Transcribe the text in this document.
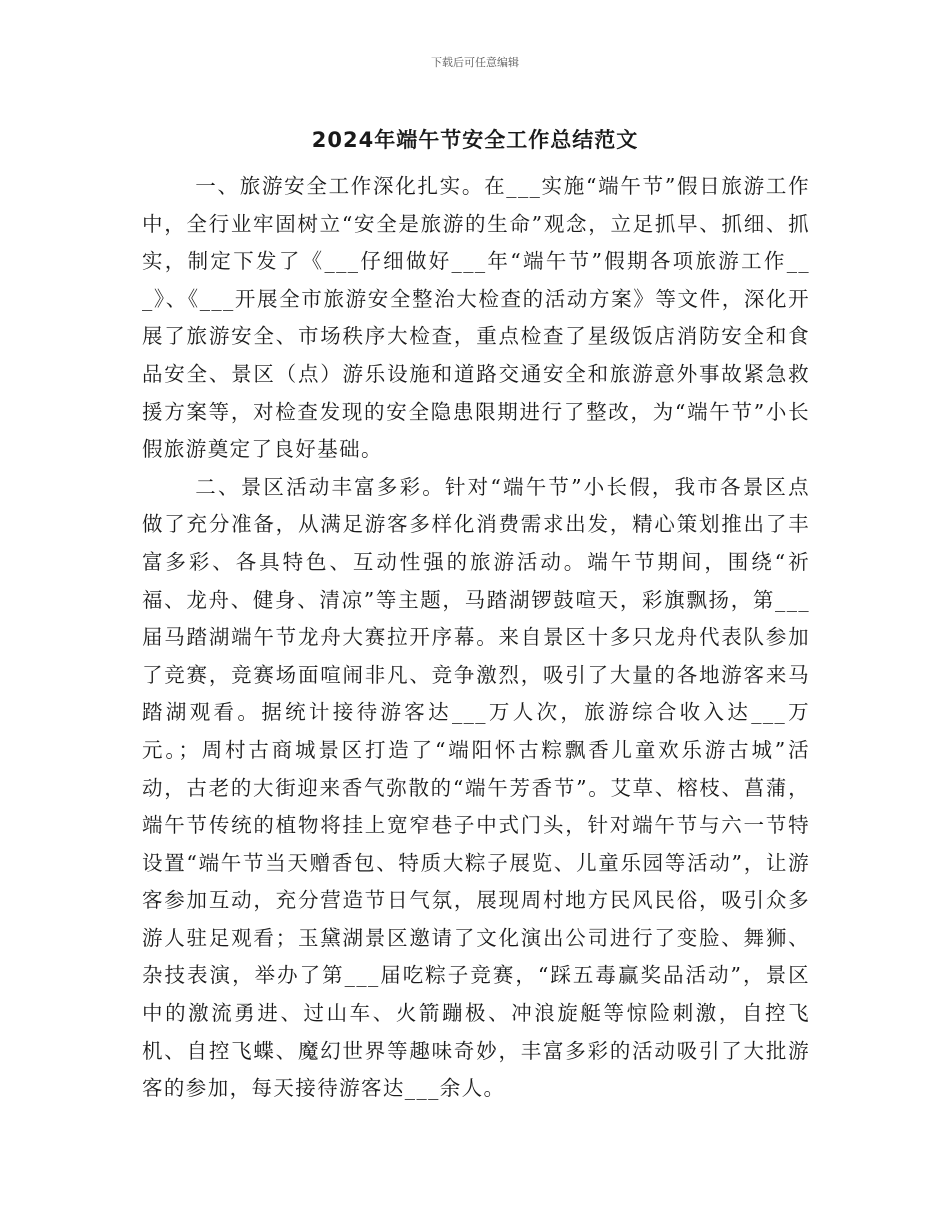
下载后可任意编辑
2024年端午节安全工作总结范文

一、旅游安全工作深化扎实。在___实施“端午节”假日旅游工作中，全行业牢固树立“安全是旅游的生命”观念，立足抓早、抓细、抓实，制定下发了《___仔细做好___年“端午节”假期各项旅游工作___》、《___开展全市旅游安全整治大检查的活动方案》等文件，深化开展了旅游安全、市场秩序大检查，重点检查了星级饭店消防安全和食品安全、景区（点）游乐设施和道路交通安全和旅游意外事故紧急救援方案等，对检查发现的安全隐患限期进行了整改，为“端午节”小长假旅游奠定了良好基础。

二、景区活动丰富多彩。针对“端午节”小长假，我市各景区点做了充分准备，从满足游客多样化消费需求出发，精心策划推出了丰富多彩、各具特色、互动性强的旅游活动。端午节期间，围绕“祈福、龙舟、健身、清凉”等主题，马踏湖锣鼓喧天，彩旗飘扬，第___届马踏湖端午节龙舟大赛拉开序幕。来自景区十多只龙舟代表队参加了竞赛，竞赛场面喧闹非凡、竞争激烈，吸引了大量的各地游客来马踏湖观看。据统计接待游客达___万人次，旅游综合收入达___万元。；周村古商城景区打造了“端阳怀古粽飘香儿童欢乐游古城”活动，古老的大街迎来香气弥散的“端午芳香节”。艾草、榕枝、菖蒲，端午节传统的植物将挂上宽窄巷子中式门头，针对端午节与六一节特设置“端午节当天赠香包、特质大粽子展览、儿童乐园等活动”，让游客参加互动，充分营造节日气氛，展现周村地方民风民俗，吸引众多游人驻足观看；玉黛湖景区邀请了文化演出公司进行了变脸、舞狮、杂技表演，举办了第___届吃粽子竞赛，“踩五毒赢奖品活动”，景区中的激流勇进、过山车、火箭蹦极、冲浪旋艇等惊险刺激，自控飞机、自控飞蝶、魔幻世界等趣味奇妙，丰富多彩的活动吸引了大批游客的参加，每天接待游客达___余人。
